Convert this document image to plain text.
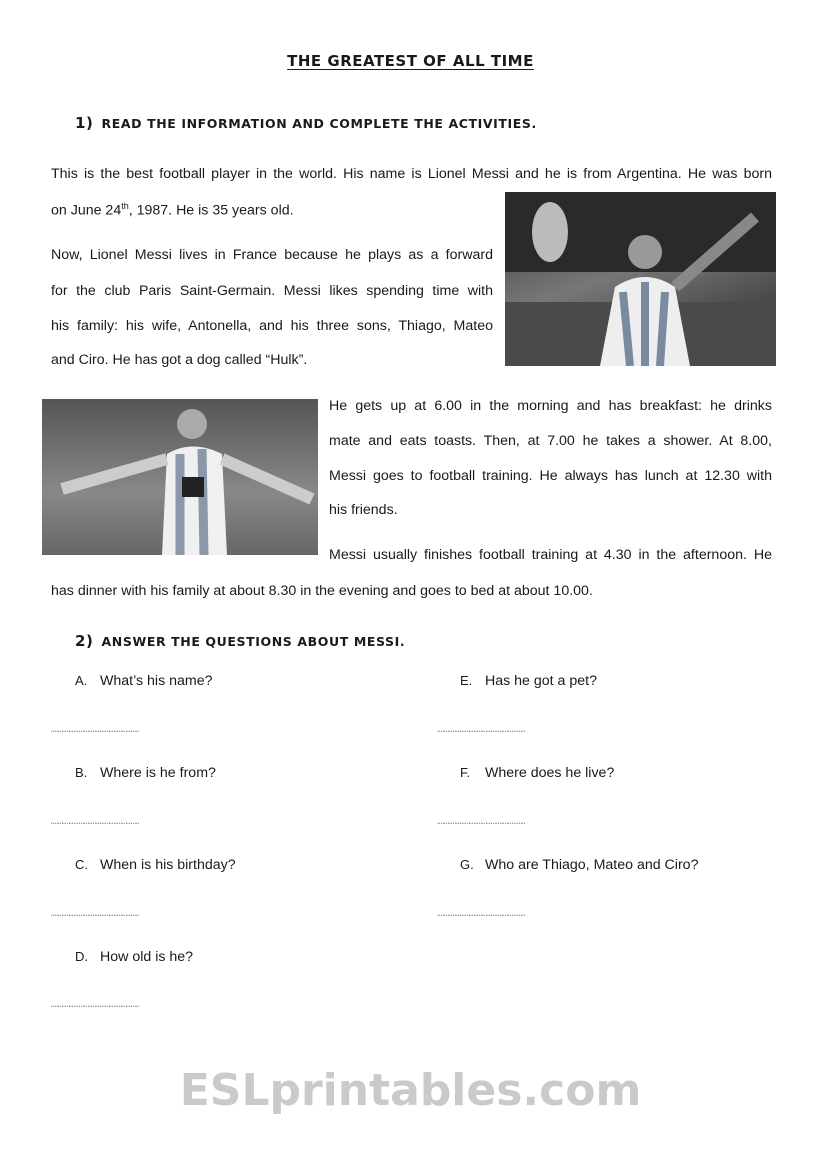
THE GREATEST OF ALL TIME
1) READ THE INFORMATION AND COMPLETE THE ACTIVITIES.
This is the best football player in the world. His name is Lionel Messi and he is from Argentina. He was born
on June 24th, 1987. He is 35 years old.
Now, Lionel Messi lives in France because he plays as a forward
for the club Paris Saint-Germain. Messi likes spending time with
his family: his wife, Antonella, and his three sons, Thiago, Mateo
and Ciro. He has got a dog called “Hulk”.
He gets up at 6.00 in the morning and has breakfast: he drinks
mate and eats toasts. Then, at 7.00 he takes a shower. At 8.00,
Messi goes to football training. He always has lunch at 12.30 with
his friends.
Messi usually finishes football training at 4.30 in the afternoon. He
has dinner with his family at about 8.30 in the evening and goes to bed at about 10.00.
2) ANSWER THE QUESTIONS ABOUT MESSI.
A. What’s his name?
……………………………………………
B. Where is he from?
……………………………………………
C. When is his birthday?
……………………………………………
D. How old is he?
……………………………………………
E. Has he got a pet?
……………………………………………
F. Where does he live?
……………………………………………
G. Who are Thiago, Mateo and Ciro?
……………………………………………
ESLprintables.com
